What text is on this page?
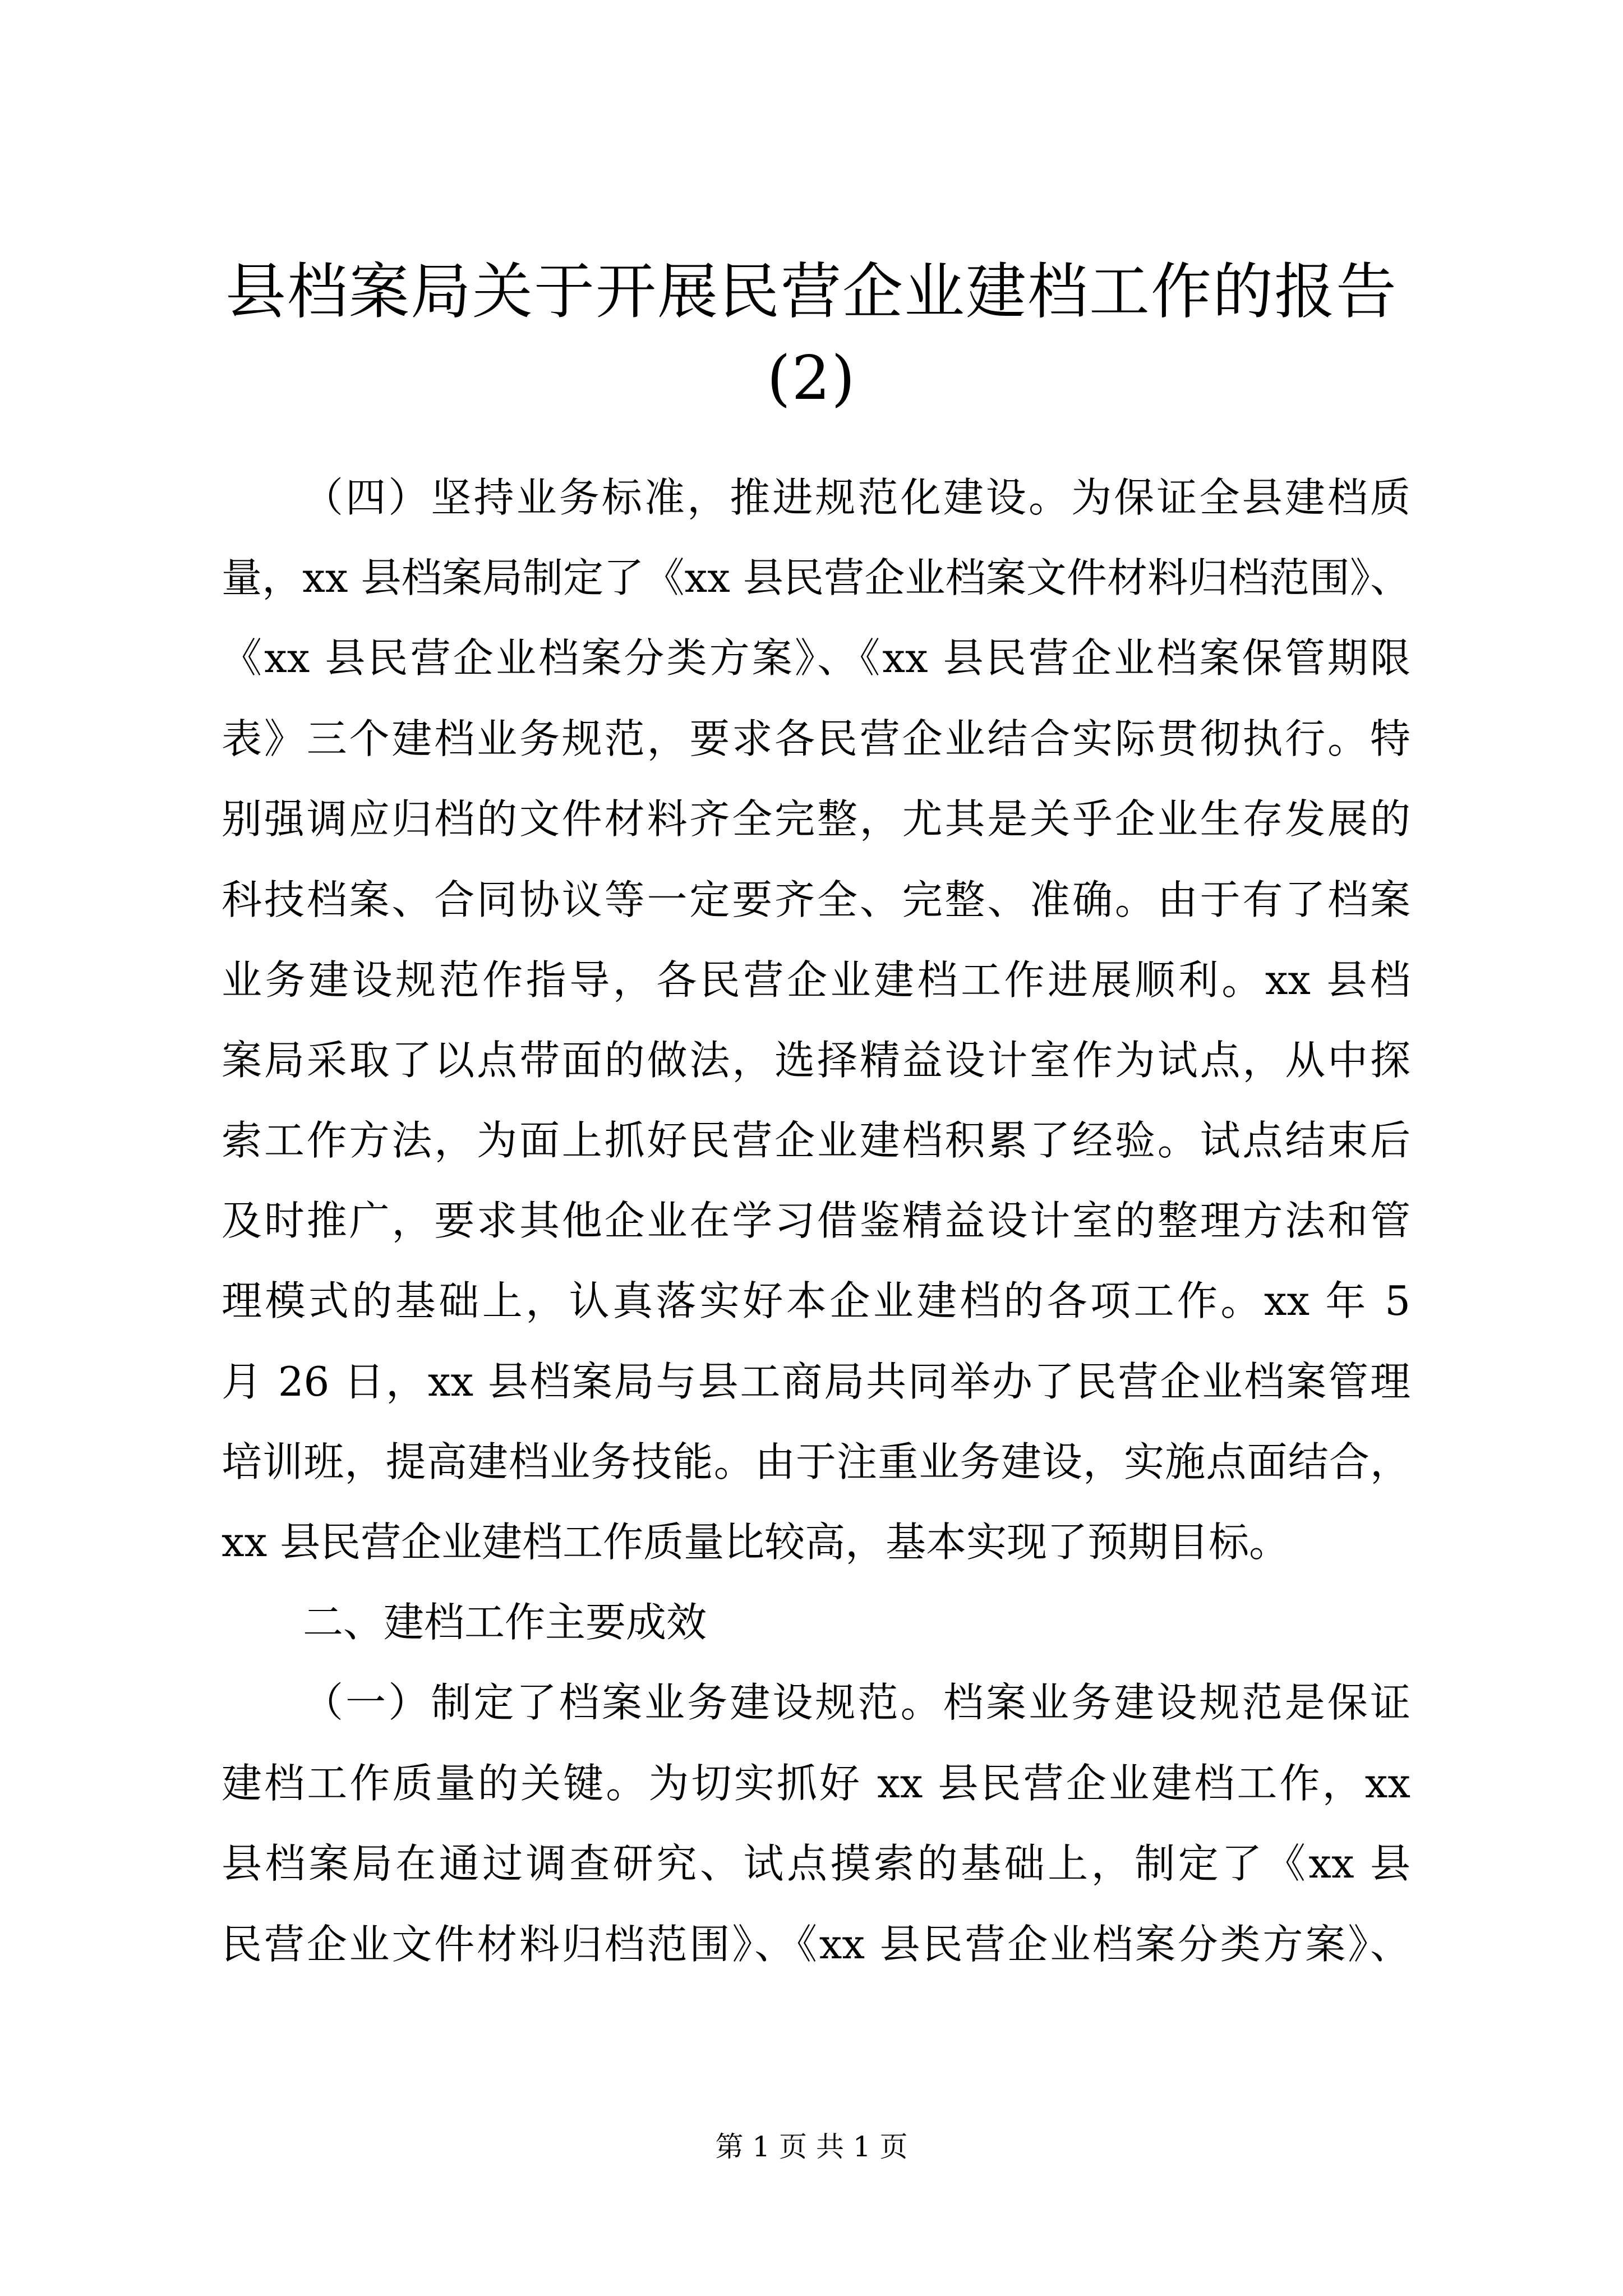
县档案局关于开展民营企业建档工作的报告
(2)
（四）坚持业务标准，推进规范化建设。为保证全县建档质
量，xx 县档案局制定了《xx 县民营企业档案文件材料归档范围》、
《xx 县民营企业档案分类方案》、《xx 县民营企业档案保管期限
表》三个建档业务规范，要求各民营企业结合实际贯彻执行。特
别强调应归档的文件材料齐全完整，尤其是关乎企业生存发展的
科技档案、合同协议等一定要齐全、完整、准确。由于有了档案
业务建设规范作指导，各民营企业建档工作进展顺利。xx 县档
案局采取了以点带面的做法，选择精益设计室作为试点，从中探
索工作方法，为面上抓好民营企业建档积累了经验。试点结束后
及时推广，要求其他企业在学习借鉴精益设计室的整理方法和管
理模式的基础上，认真落实好本企业建档的各项工作。xx 年 5
月 26 日，xx 县档案局与县工商局共同举办了民营企业档案管理
培训班，提高建档业务技能。由于注重业务建设，实施点面结合，
xx 县民营企业建档工作质量比较高，基本实现了预期目标。
二、建档工作主要成效
（一）制定了档案业务建设规范。档案业务建设规范是保证
建档工作质量的关键。为切实抓好 xx 县民营企业建档工作，xx
县档案局在通过调查研究、试点摸索的基础上，制定了《xx 县
民营企业文件材料归档范围》、《xx 县民营企业档案分类方案》、
第 1 页 共 1 页
